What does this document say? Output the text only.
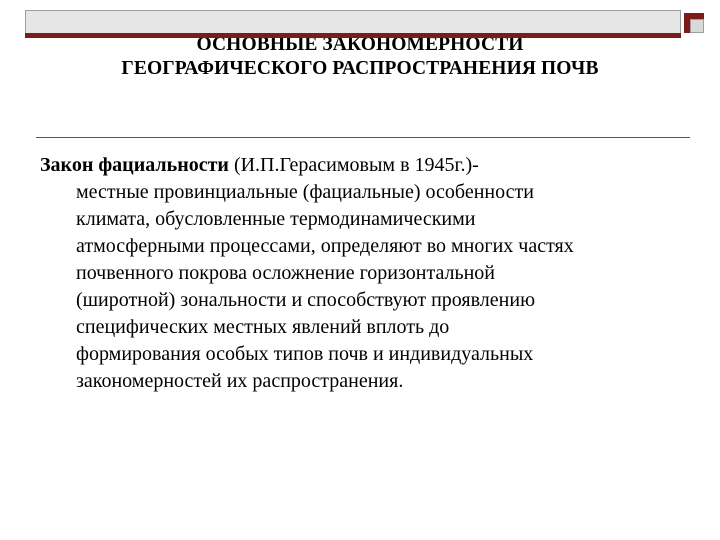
ОСНОВНЫЕ ЗАКОНОМЕРНОСТИ
ГЕОГРАФИЧЕСКОГО РАСПРОСТРАНЕНИЯ ПОЧВ
Закон фациальности (И.П.Герасимовым в 1945г.)-
местные провинциальные (фациальные) особенности
климата, обусловленные термодинамическими
атмосферными процессами, определяют во многих частях
почвенного покрова осложнение горизонтальной
(широтной) зональности и способствуют проявлению
специфических местных явлений вплоть до
формирования особых типов почв и индивидуальных
закономерностей их распространения.
